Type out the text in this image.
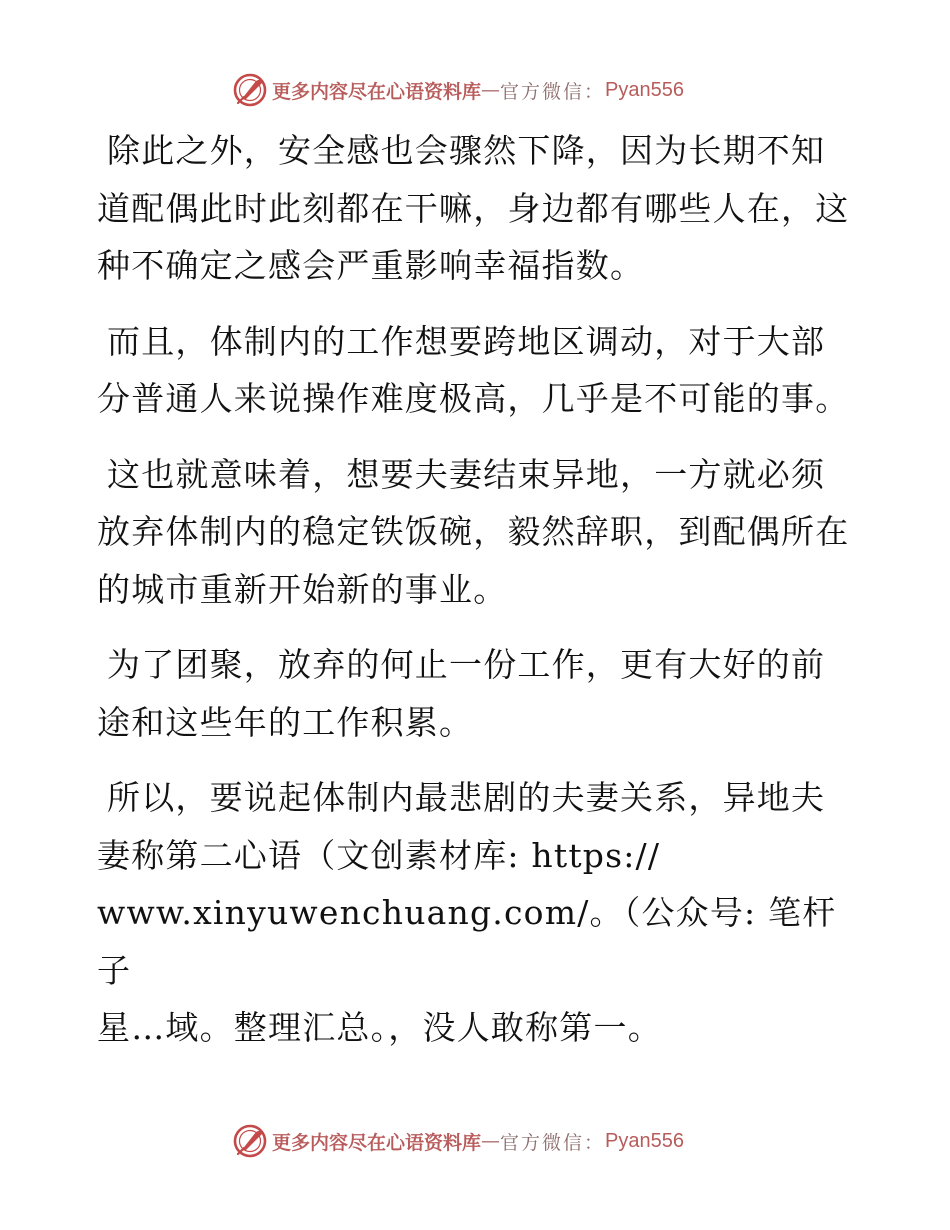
更多内容尽在心语资料库 — 官方微信： Pyan556

除此之外，安全感也会骤然下降，因为长期不知
道配偶此时此刻都在干嘛，身边都有哪些人在，这
种不确定之感会严重影响幸福指数。

而且，体制内的工作想要跨地区调动，对于大部
分普通人来说操作难度极高，几乎是不可能的事。

这也就意味着，想要夫妻结束异地，一方就必须
放弃体制内的稳定铁饭碗，毅然辞职，到配偶所在
的城市重新开始新的事业。

为了团聚，放弃的何止一份工作，更有大好的前
途和这些年的工作积累。

所以，要说起体制内最悲剧的夫妻关系，异地夫
妻称第二心语（文创素材库: https://
www.xinyuwenchuang.com/。（公众号: 笔杆子
星…域。整理汇总。，没人敢称第一。

更多内容尽在心语资料库 — 官方微信： Pyan556
